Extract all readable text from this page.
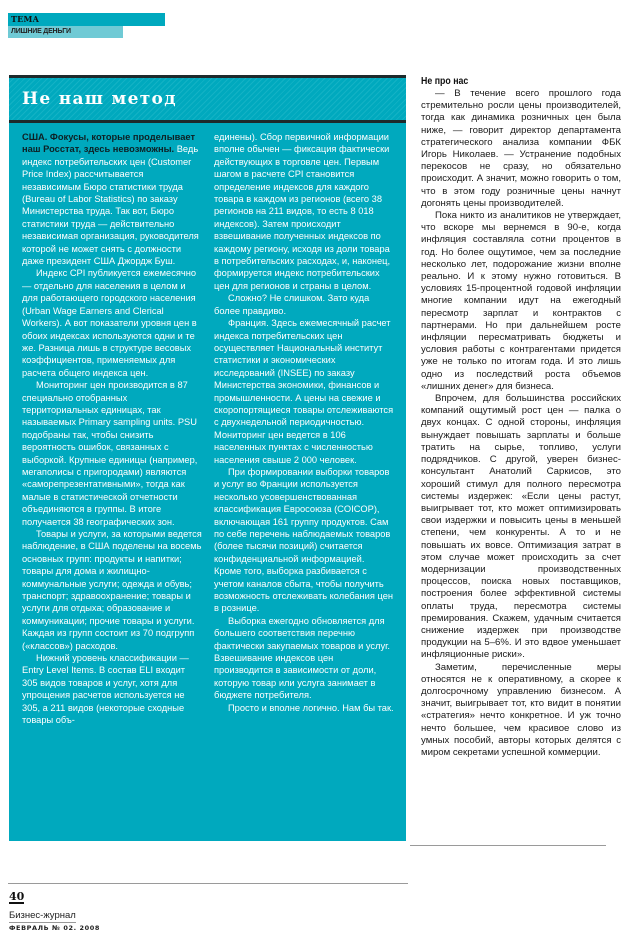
ТЕМА
ЛИШНИЕ ДЕНЬГИ
Не наш метод

США. Фокусы, которые проделывает наш Росстат, здесь невозможны. Ведь индекс потребительских цен (Customer Price Index) рассчитывается независимым Бюро статистики труда (Bureau of Labor Statistics) по заказу Министерства труда. Так вот, Бюро статистики труда — действительно независимая организация, руководителя которой не может снять с должности даже президент США Джордж Буш.

Индекс CPI публикуется ежемесячно — отдельно для населения в целом и для работающего городского населения (Urban Wage Earners and Clerical Workers). А вот показатели уровня цен в обоих индексах используются одни и те же. Разница лишь в структуре весовых коэффициентов, применяемых для расчета общего индекса цен.

Мониторинг цен производится в 87 специально отобранных территориальных единицах, так называемых Primary sampling units. PSU подобраны так, чтобы снизить вероятность ошибок, связанных с выборкой. Крупные единицы (например, мегаполисы с пригородами) являются «саморепрезентативными», тогда как малые в статистической отчетности объединяются в группы. В итоге получается 38 географических зон.

Товары и услуги, за которыми ведется наблюдение, в США поделены на восемь основных групп: продукты и напитки; товары для дома и жилищно-коммунальные услуги; одежда и обувь; транспорт; здравоохранение; товары и услуги для отдыха; образование и коммуникации; прочие товары и услуги. Каждая из групп состоит из 70 подгрупп («классов») расходов.

Нижний уровень классификации — Entry Level Items. В состав ELI входит 305 видов товаров и услуг, хотя для упрощения расчетов используется не 305, а 211 видов (некоторые сходные товары объ-

единены). Сбор первичной информации вполне обычен — фиксация фактически действующих в торговле цен. Первым шагом в расчете CPI становится определение индексов для каждого товара в каждом из регионов (всего 38 регионов на 211 видов, то есть 8 018 индексов). Затем происходит взвешивание полученных индексов по каждому региону, исходя из доли товара в потребительских расходах, и, наконец, формируется индекс потребительских цен для регионов и страны в целом.

Сложно? Не слишком. Зато куда более правдиво.

Франция. Здесь ежемесячный расчет индекса потребительских цен осуществляет Национальный институт статистики и экономических исследований (INSEE) по заказу Министерства экономики, финансов и промышленности. А цены на свежие и скоропортящиеся товары отслеживаются с двухнедельной периодичностью. Мониторинг цен ведется в 106 населенных пунктах с численностью населения свыше 2 000 человек.

При формировании выборки товаров и услуг во Франции используется несколько усовершенствованная классификация Евросоюза (COICOP), включающая 161 группу продуктов. Сам по себе перечень наблюдаемых товаров (более тысячи позиций) считается конфиденциальной информацией. Кроме того, выборка разбивается с учетом каналов сбыта, чтобы получить возможность отслеживать колебания цен в рознице.

Выборка ежегодно обновляется для большего соответствия перечню фактически закупаемых товаров и услуг. Взвешивание индексов цен производится в зависимости от доли, которую товар или услуга занимает в бюджете потребителя.

Просто и вполне логично. Нам бы так.

Не про нас

— В течение всего прошлого года стремительно росли цены производителей, тогда как динамика розничных цен была ниже, — говорит директор департамента стратегического анализа компании ФБК Игорь Николаев. — Устранение подобных перекосов не сразу, но обязательно происходит. А значит, можно говорить о том, что в этом году розничные цены начнут догонять цены производителей.

Пока никто из аналитиков не утверждает, что вскоре мы вернемся в 90-е, когда инфляция составляла сотни процентов в год. Но более ощутимое, чем за последние несколько лет, подорожание жизни вполне реально. И к этому нужно готовиться. В условиях 15-процентной годовой инфляции многие компании идут на ежегодный пересмотр зарплат и контрактов с партнерами. Но при дальнейшем росте инфляции пересматривать бюджеты и условия работы с контрагентами придется уже не только по итогам года. И это лишь одно из последствий роста объемов «лишних денег» для бизнеса.

Впрочем, для большинства российских компаний ощутимый рост цен — палка о двух концах. С одной стороны, инфляция вынуждает повышать зарплаты и больше тратить на сырье, топливо, услуги подрядчиков. С другой, уверен бизнес-консультант Анатолий Саркисов, это хороший стимул для полного пересмотра системы издержек: «Если цены растут, выигрывает тот, кто может оптимизировать свои издержки и повысить цены в меньшей степени, чем конкуренты. А то и не повышать их вовсе. Оптимизация затрат в этом случае может происходить за счет модернизации производственных процессов, поиска новых поставщиков, построения более эффективной системы оплаты труда, пересмотра системы премирования. Скажем, удачным считается снижение издержек при производстве продукции на 5–6%. И это вдвое уменьшает инфляционные риски».

Заметим, перечисленные меры относятся не к оперативному, а скорее к долгосрочному управлению бизнесом. А значит, выигрывает тот, кто видит в понятии «стратегия» нечто конкретное. И уж точно нечто большее, чем красивое слово из умных пособий, авторы которых делятся с миром секретами успешной коммерции.

40
Бизнес-журнал
ФЕВРАЛЬ № 02. 2008
